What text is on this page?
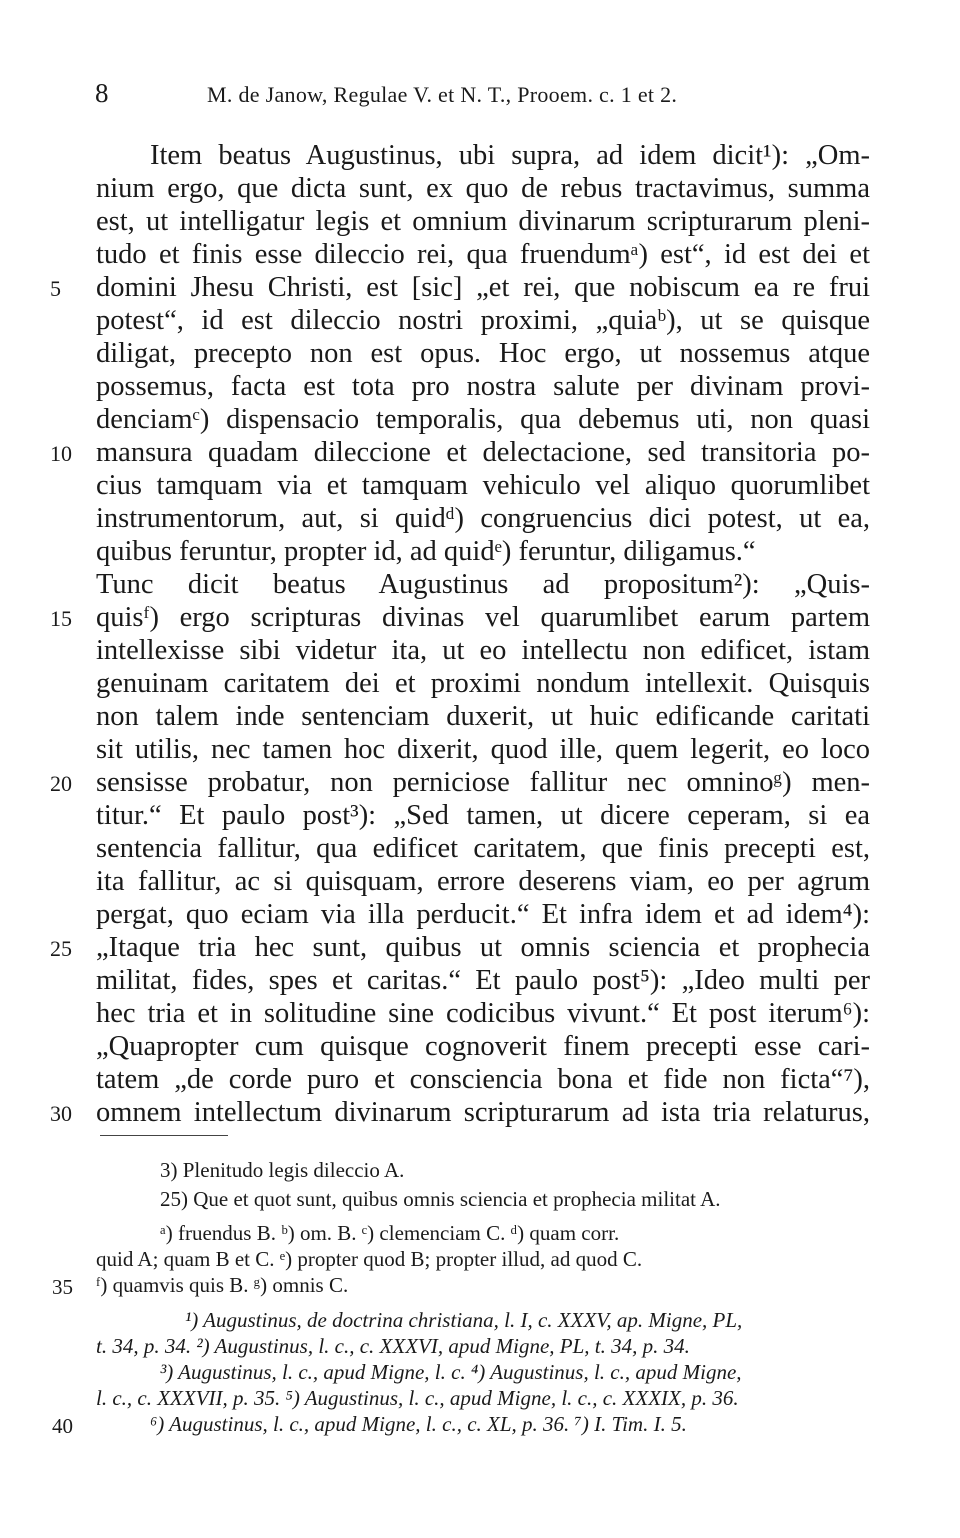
8	M. de Janow, Regulae V. et N. T., Prooem. c. 1 et 2.
Item beatus Augustinus, ubi supra, ad idem dicit¹): „Om-
nium ergo, que dicta sunt, ex quo de rebus tractavimus, summa
est, ut intelligatur legis et omnium divinarum scripturarum pleni-
tudo et finis esse dileccio rei, qua fruendumᵃ) est“, id est dei et
domini Jhesu Christi, est [sic] „et rei, que nobiscum ea re frui
potest“, id est dileccio nostri proximi, „quiaᵇ), ut se quisque
diligat, precepto non est opus. Hoc ergo, ut nossemus atque
possemus, facta est tota pro nostra salute per divinam provi-
denciamᶜ) dispensacio temporalis, qua debemus uti, non quasi
mansura quadam dileccione et delectacione, sed transitoria po-
cius tamquam via et tamquam vehiculo vel aliquo quorumlibet
instrumentorum, aut, si quidᵈ) congruencius dici potest, ut ea,
quibus feruntur, propter id, ad quidᵉ) feruntur, diligamus.“
Tunc dicit beatus Augustinus ad propositum²): „Quis-
quisᶠ) ergo scripturas divinas vel quarumlibet earum partem
intellexisse sibi videtur ita, ut eo intellectu non edificet, istam
genuinam caritatem dei et proximi nondum intellexit. Quisquis
non talem inde sentenciam duxerit, ut huic edificande caritati
sit utilis, nec tamen hoc dixerit, quod ille, quem legerit, eo loco
sensisse probatur, non perniciose fallitur nec omninoᵍ) men-
titur.“ Et paulo post³): „Sed tamen, ut dicere ceperam, si ea
sentencia fallitur, qua edificet caritatem, que finis precepti est,
ita fallitur, ac si quisquam, errore deserens viam, eo per agrum
pergat, quo eciam via illa perducit.“ Et infra idem et ad idem⁴):
„Itaque tria hec sunt, quibus ut omnis sciencia et prophecia
militat, fides, spes et caritas.“ Et paulo post⁵): „Ideo multi per
hec tria et in solitudine sine codicibus vivunt.“ Et post iterum⁶):
„Quapropter cum quisque cognoverit finem precepti esse cari-
tatem „de corde puro et consciencia bona et fide non ficta“⁷),
omnem intellectum divinarum scripturarum ad ista tria relaturus,
5
10
15
20
25
30
3) Plenitudo legis dileccio A.
25) Que et quot sunt, quibus omnis sciencia et prophecia militat A.
ᵃ) fruendus B. ᵇ) om. B. ᶜ) clemenciam C. ᵈ) quam corr.
quid A; quam B et C. ᵉ) propter quod B; propter illud, ad quod C.
ᶠ) quamvis quis B. ᵍ) omnis C.
¹) Augustinus, de doctrina christiana, l. I, c. XXXV, ap. Migne, PL,
t. 34, p. 34. ²) Augustinus, l. c., c. XXXVI, apud Migne, PL, t. 34, p. 34.
³) Augustinus, l. c., apud Migne, l. c. ⁴) Augustinus, l. c., apud Migne,
l. c., c. XXXVII, p. 35. ⁵) Augustinus, l. c., apud Migne, l. c., c. XXXIX, p. 36.
⁶) Augustinus, l. c., apud Migne, l. c., c. XL, p. 36. ⁷) I. Tim. I. 5.
35
40
